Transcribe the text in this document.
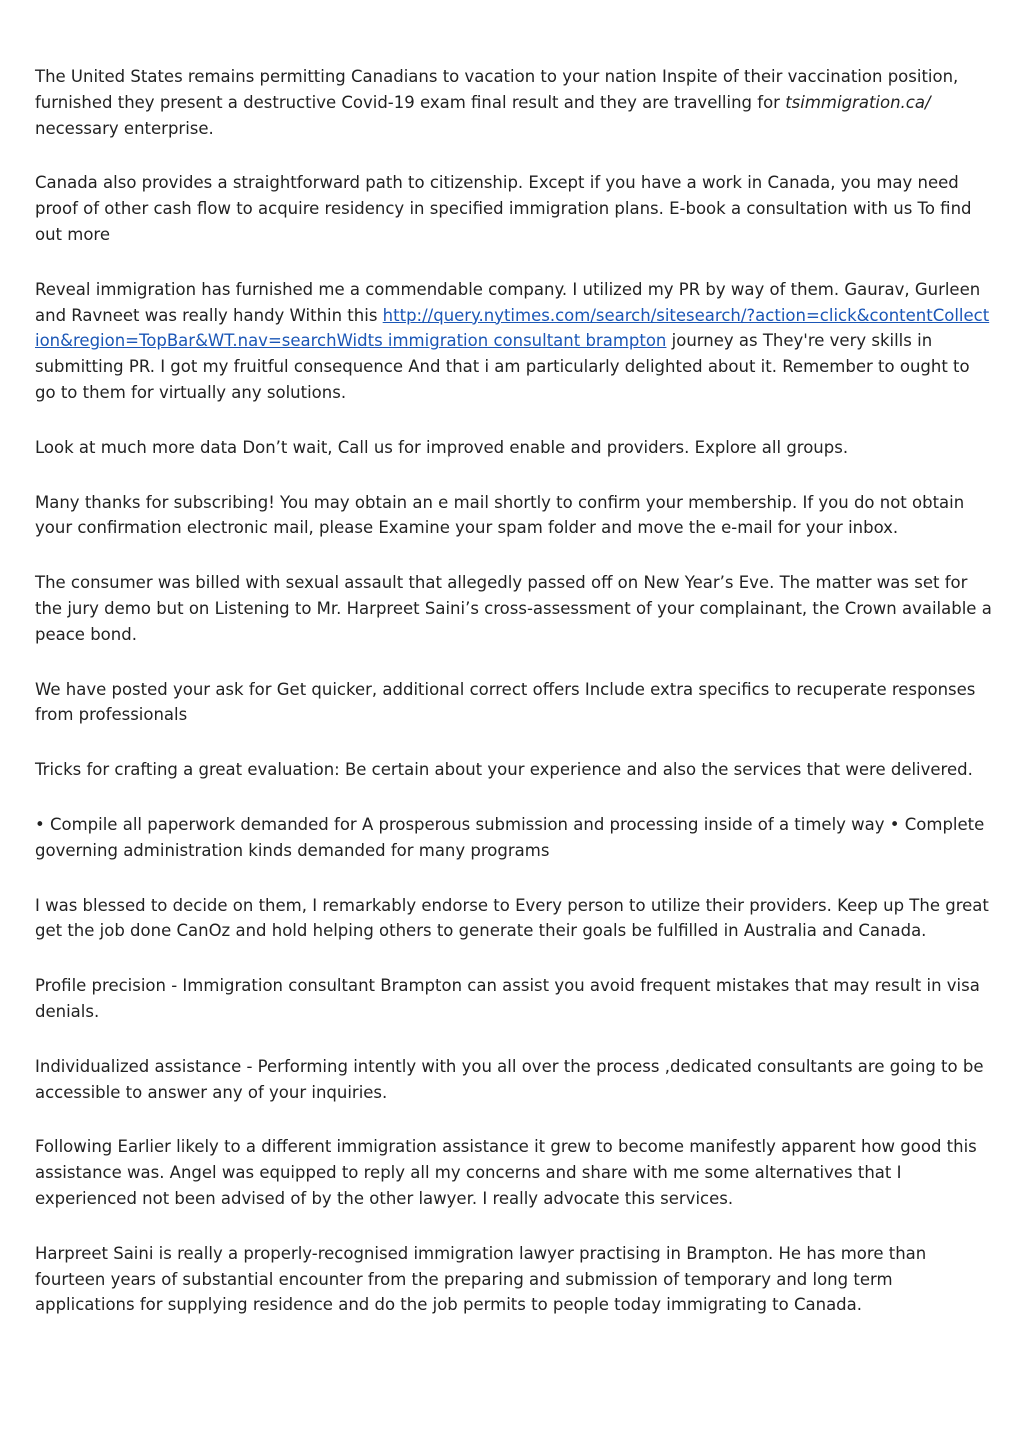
The United States remains permitting Canadians to vacation to your nation Inspite of their vaccination position, furnished they present a destructive Covid-19 exam final result and they are travelling for tsimmigration.ca/ necessary enterprise.

Canada also provides a straightforward path to citizenship. Except if you have a work in Canada, you may need proof of other cash flow to acquire residency in specified immigration plans. E-book a consultation with us To find out more

Reveal immigration has furnished me a commendable company. I utilized my PR by way of them. Gaurav, Gurleen and Ravneet was really handy Within this http://query.nytimes.com/search/sitesearch/?action=click&contentCollection&region=TopBar&WT.nav=searchWidts immigration consultant brampton journey as They're very skills in submitting PR. I got my fruitful consequence And that i am particularly delighted about it. Remember to ought to go to them for virtually any solutions.

Look at much more data Don’t wait, Call us for improved enable and providers. Explore all groups.

Many thanks for subscribing! You may obtain an e mail shortly to confirm your membership. If you do not obtain your confirmation electronic mail, please Examine your spam folder and move the e-mail for your inbox.

The consumer was billed with sexual assault that allegedly passed off on New Year’s Eve. The matter was set for the jury demo but on Listening to Mr. Harpreet Saini’s cross-assessment of your complainant, the Crown available a peace bond.

We have posted your ask for Get quicker, additional correct offers Include extra specifics to recuperate responses from professionals

Tricks for crafting a great evaluation: Be certain about your experience and also the services that were delivered.

• Compile all paperwork demanded for A prosperous submission and processing inside of a timely way • Complete governing administration kinds demanded for many programs

I was blessed to decide on them, I remarkably endorse to Every person to utilize their providers. Keep up The great get the job done CanOz and hold helping others to generate their goals be fulfilled in Australia and Canada.

Profile precision - Immigration consultant Brampton can assist you avoid frequent mistakes that may result in visa denials.

Individualized assistance - Performing intently with you all over the process ,dedicated consultants are going to be accessible to answer any of your inquiries.

Following Earlier likely to a different immigration assistance it grew to become manifestly apparent how good this assistance was. Angel was equipped to reply all my concerns and share with me some alternatives that I experienced not been advised of by the other lawyer. I really advocate this services.

Harpreet Saini is really a properly-recognised immigration lawyer practising in Brampton. He has more than fourteen years of substantial encounter from the preparing and submission of temporary and long term applications for supplying residence and do the job permits to people today immigrating to Canada.
